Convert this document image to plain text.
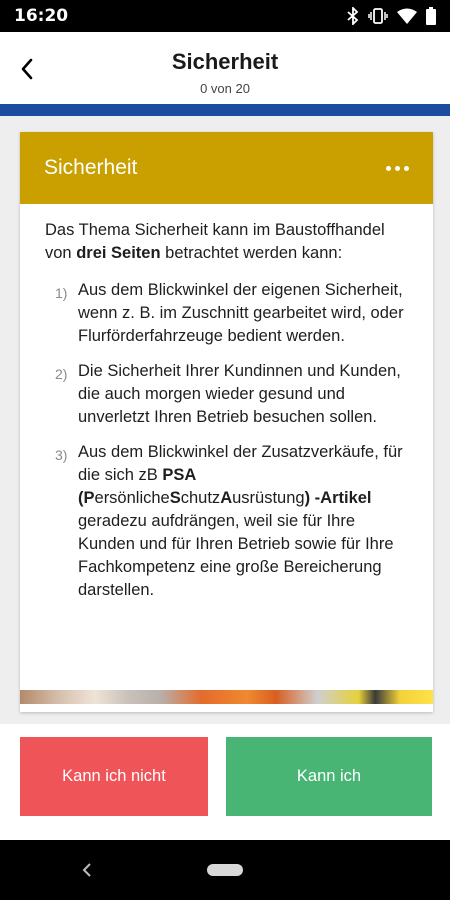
16:20
Sicherheit
0 von 20
Sicherheit

Das Thema Sicherheit kann im Baustoffhandel von drei Seiten betrachtet werden kann:

1) Aus dem Blickwinkel der eigenen Sicherheit, wenn z. B. im Zuschnitt gearbeitet wird, oder Flurförderfahrzeuge bedient werden.
2) Die Sicherheit Ihrer Kundinnen und Kunden, die auch morgen wieder gesund und unverletzt Ihren Betrieb besuchen sollen.
3) Aus dem Blickwinkel der Zusatzverkäufe, für die sich zB PSA (PersönlicheSchutzAusrüstung) -Artikel geradezu aufdrängen, weil sie für Ihre Kunden und für Ihren Betrieb sowie für Ihre Fachkompetenz eine große Bereicherung darstellen.
Kann ich nicht	Kann ich
